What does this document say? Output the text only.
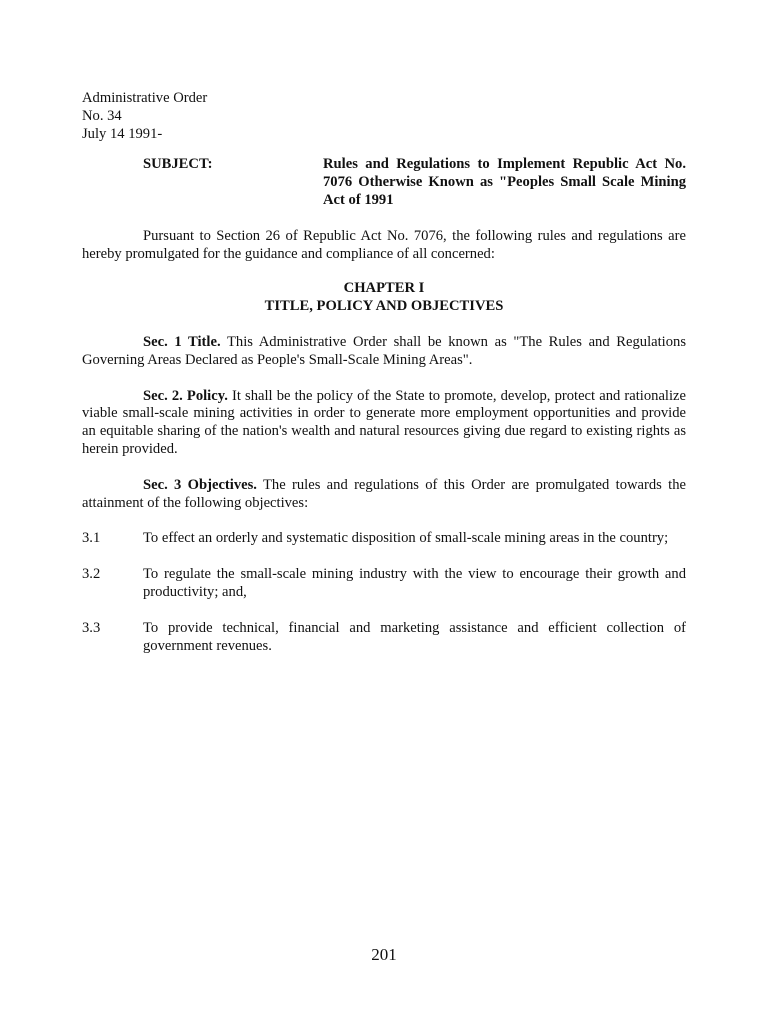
Administrative Order
No. 34
July 14 1991-
SUBJECT:	Rules and Regulations to Implement Republic Act No. 7076 Otherwise Known as "Peoples Small Scale Mining Act of 1991

Pursuant to Section 26 of Republic Act No. 7076, the following rules and regulations are hereby promulgated for the guidance and compliance of all concerned:

CHAPTER I
TITLE, POLICY AND OBJECTIVES

Sec. 1 Title. This Administrative Order shall be known as "The Rules and Regulations Governing Areas Declared as People's Small-Scale Mining Areas".

Sec. 2. Policy. It shall be the policy of the State to promote, develop, protect and rationalize viable small-scale mining activities in order to generate more employment opportunities and provide an equitable sharing of the nation's wealth and natural resources giving due regard to existing rights as herein provided.

Sec. 3 Objectives. The rules and regulations of this Order are promulgated towards the attainment of the following objectives:

3.1	To effect an orderly and systematic disposition of small-scale mining areas in the country;
3.2	To regulate the small-scale mining industry with the view to encourage their growth and productivity; and,
3.3	To provide technical, financial and marketing assistance and efficient collection of government revenues.
201
